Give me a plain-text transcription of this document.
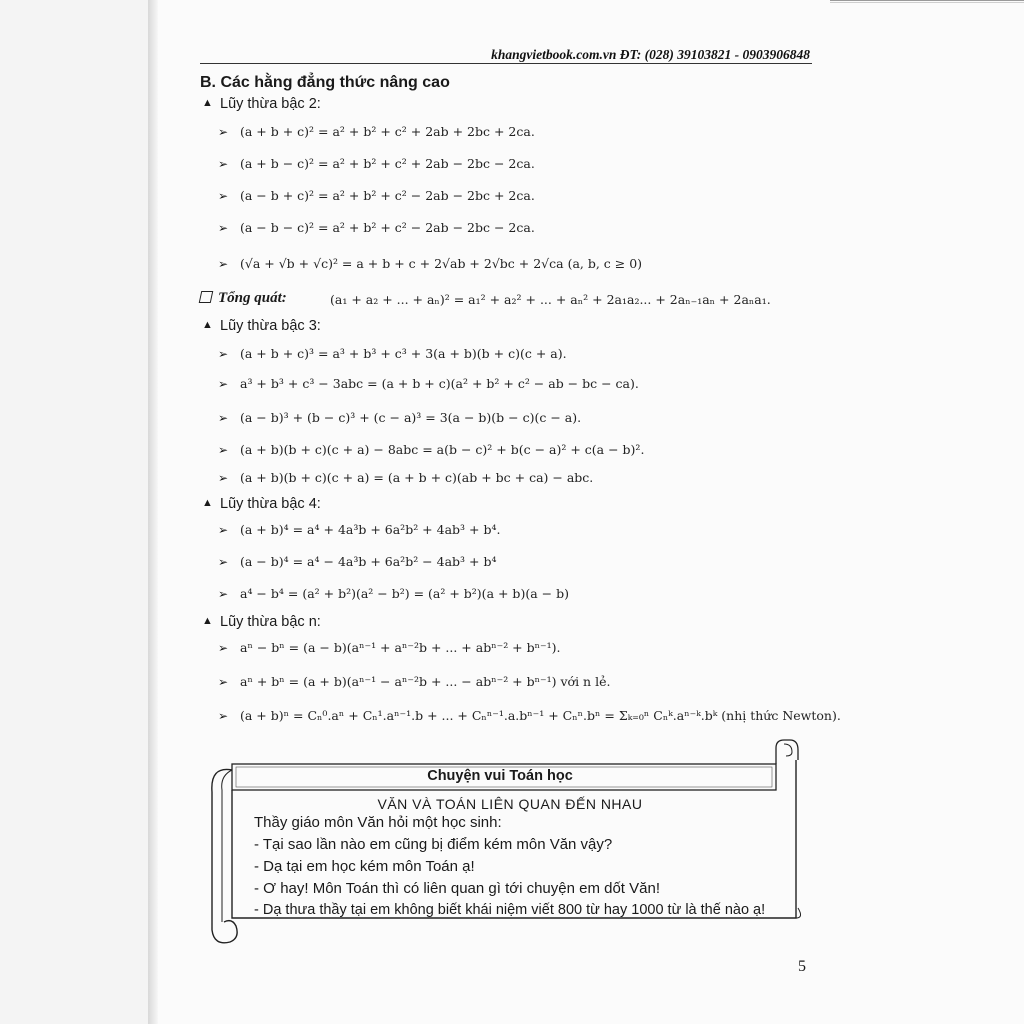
khangvietbook.com.vn ĐT: (028) 39103821 - 0903906848
B. Các hằng đẳng thức nâng cao
▲ Lũy thừa bậc 2:
➢ (a + b + c)² = a² + b² + c² + 2ab + 2bc + 2ca.
➢ (a + b − c)² = a² + b² + c² + 2ab − 2bc − 2ca.
➢ (a − b + c)² = a² + b² + c² − 2ab − 2bc + 2ca.
➢ (a − b − c)² = a² + b² + c² − 2ab − 2bc − 2ca.
➢ (√a + √b + √c)² = a + b + c + 2√ab + 2√bc + 2√ca (a, b, c ≥ 0)
Tổng quát:	(a₁ + a₂ + ... + aₙ)² = a₁² + a₂² + ... + aₙ² + 2a₁a₂... + 2aₙ₋₁aₙ + 2aₙa₁.
▲ Lũy thừa bậc 3:
➢ (a + b + c)³ = a³ + b³ + c³ + 3(a + b)(b + c)(c + a).
➢ a³ + b³ + c³ − 3abc = (a + b + c)(a² + b² + c² − ab − bc − ca).
➢ (a − b)³ + (b − c)³ + (c − a)³ = 3(a − b)(b − c)(c − a).
➢ (a + b)(b + c)(c + a) − 8abc = a(b − c)² + b(c − a)² + c(a − b)².
➢ (a + b)(b + c)(c + a) = (a + b + c)(ab + bc + ca) − abc.
▲ Lũy thừa bậc 4:
➢ (a + b)⁴ = a⁴ + 4a³b + 6a²b² + 4ab³ + b⁴.
➢ (a − b)⁴ = a⁴ − 4a³b + 6a²b² − 4ab³ + b⁴
➢ a⁴ − b⁴ = (a² + b²)(a² − b²) = (a² + b²)(a + b)(a − b)
▲ Lũy thừa bậc n:
➢ aⁿ − bⁿ = (a − b)(aⁿ⁻¹ + aⁿ⁻²b + ... + abⁿ⁻² + bⁿ⁻¹).
➢ aⁿ + bⁿ = (a + b)(aⁿ⁻¹ − aⁿ⁻²b + ... − abⁿ⁻² + bⁿ⁻¹) với n lẻ.
➢ (a + b)ⁿ = Cₙ⁰.aⁿ + Cₙ¹.aⁿ⁻¹.b + ... + Cₙⁿ⁻¹.a.bⁿ⁻¹ + Cₙⁿ.bⁿ = Σₖ₌₀ⁿ Cₙᵏ.aⁿ⁻ᵏ.bᵏ (nhị thức Newton).
Chuyện vui Toán học
VĂN VÀ TOÁN LIÊN QUAN ĐẾN NHAU
Thầy giáo môn Văn hỏi một học sinh:
- Tại sao lần nào em cũng bị điểm kém môn Văn vậy?
- Dạ tại em học kém môn Toán ạ!
- Ơ hay! Môn Toán thì có liên quan gì tới chuyện em dốt Văn!
- Dạ thưa thầy tại em không biết khái niệm viết 800 từ hay 1000 từ là thế nào ạ!
5
